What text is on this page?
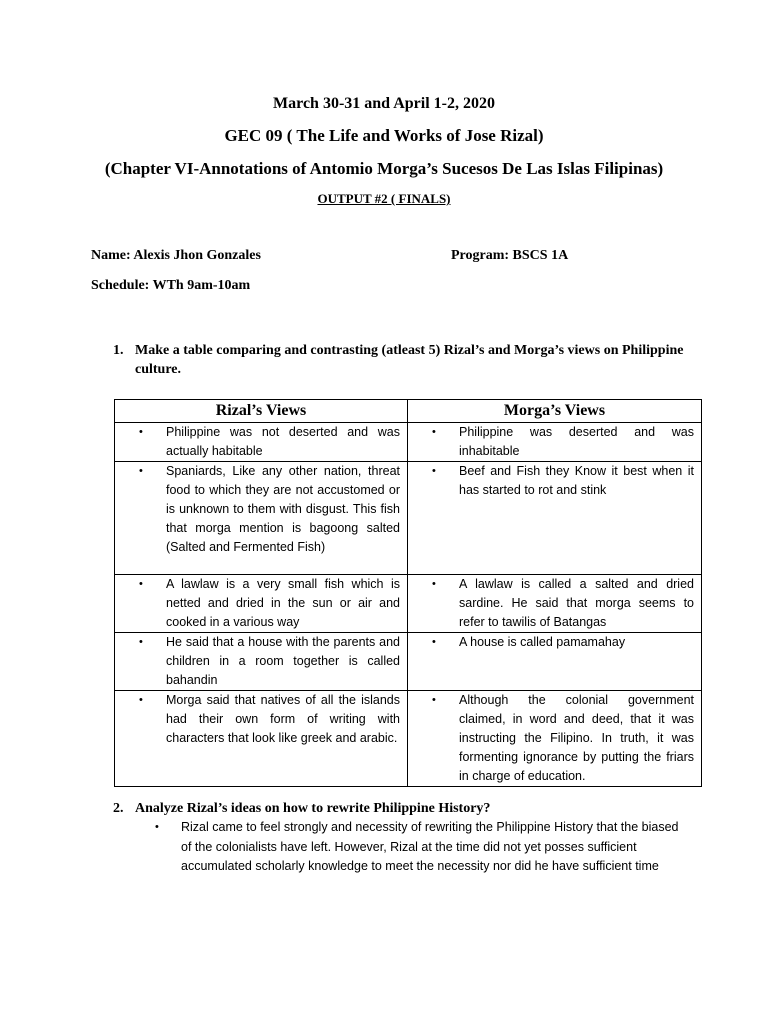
March 30-31 and April 1-2, 2020
GEC 09 ( The Life and Works of Jose Rizal)
(Chapter VI-Annotations of Antomio Morga’s Sucesos De Las Islas Filipinas)
OUTPUT #2 ( FINALS)
Name: Alexis Jhon Gonzales	Program: BSCS 1A
Schedule: WTh 9am-10am
1. Make a table comparing and contrasting (atleast 5) Rizal’s and Morga’s views on Philippine culture.
Rizal’s Views	Morga’s Views

• Philippine was not deserted and was actually habitable	• Philippine was deserted and was inhabitable

• Spaniards, Like any other nation, threat food to which they are not accustomed or is unknown to them with disgust. This fish that morga mention is bagoong salted (Salted and Fermented Fish)	• Beef and Fish they Know it best when it has started to rot and stink

• A lawlaw is a very small fish which is netted and dried in the sun or air and cooked in a various way	• A lawlaw is called a salted and dried sardine. He said that morga seems to refer to tawilis of Batangas

• He said that a house with the parents and children in a room together is called bahandin	• A house is called pamamahay

• Morga said that natives of all the islands had their own form of writing with characters that look like greek and arabic.	• Although the colonial government claimed, in word and deed, that it was instructing the Filipino. In truth, it was formenting ignorance by putting the friars in charge of education.
2. Analyze Rizal’s ideas on how to rewrite Philippine History?
•	Rizal came to feel strongly and necessity of rewriting the Philippine History that the biased of the colonialists have left. However, Rizal at the time did not yet posses sufficient accumulated scholarly knowledge to meet the necessity nor did he have sufficient time
